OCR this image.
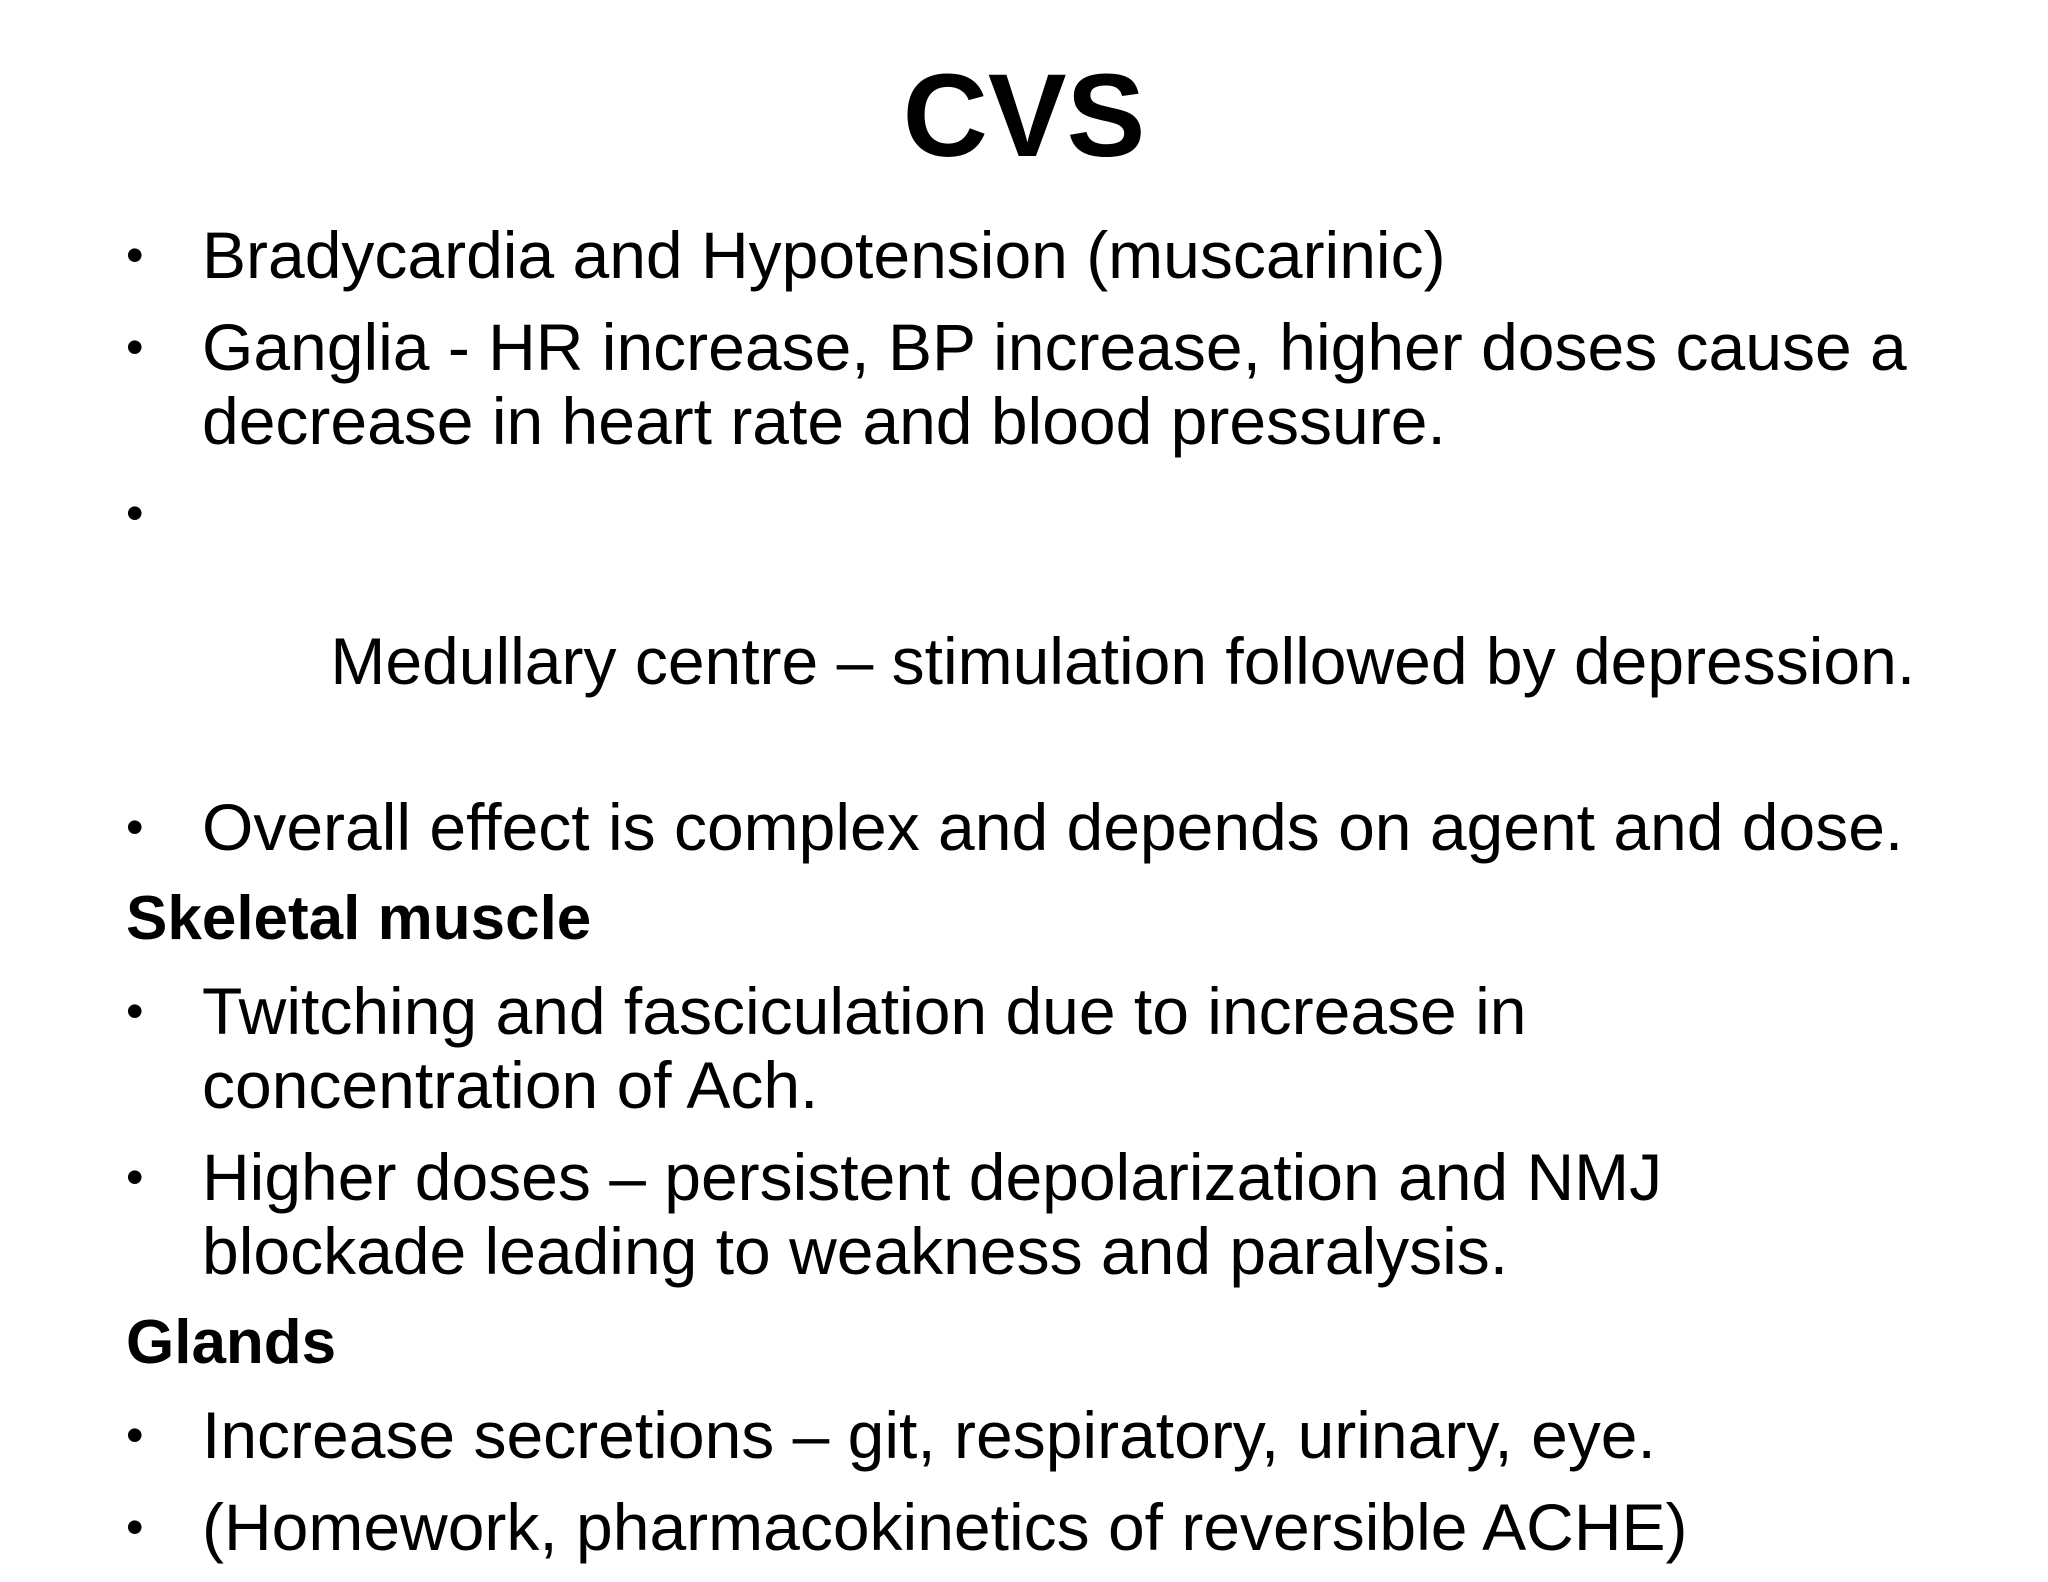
CVS
• Bradycardia and Hypotension (muscarinic)
• Ganglia - HR increase, BP increase, higher doses cause a decrease in heart rate and blood pressure.

•

Medullary centre – stimulation followed by depression.

• Overall effect is complex and depends on agent and dose.
Skeletal muscle
• Twitching and fasciculation due to increase in concentration of Ach.
• Higher doses – persistent depolarization and NMJ blockade leading to weakness and paralysis.
Glands
• Increase secretions – git, respiratory, urinary, eye.
• (Homework, pharmacokinetics of reversible ACHE)
